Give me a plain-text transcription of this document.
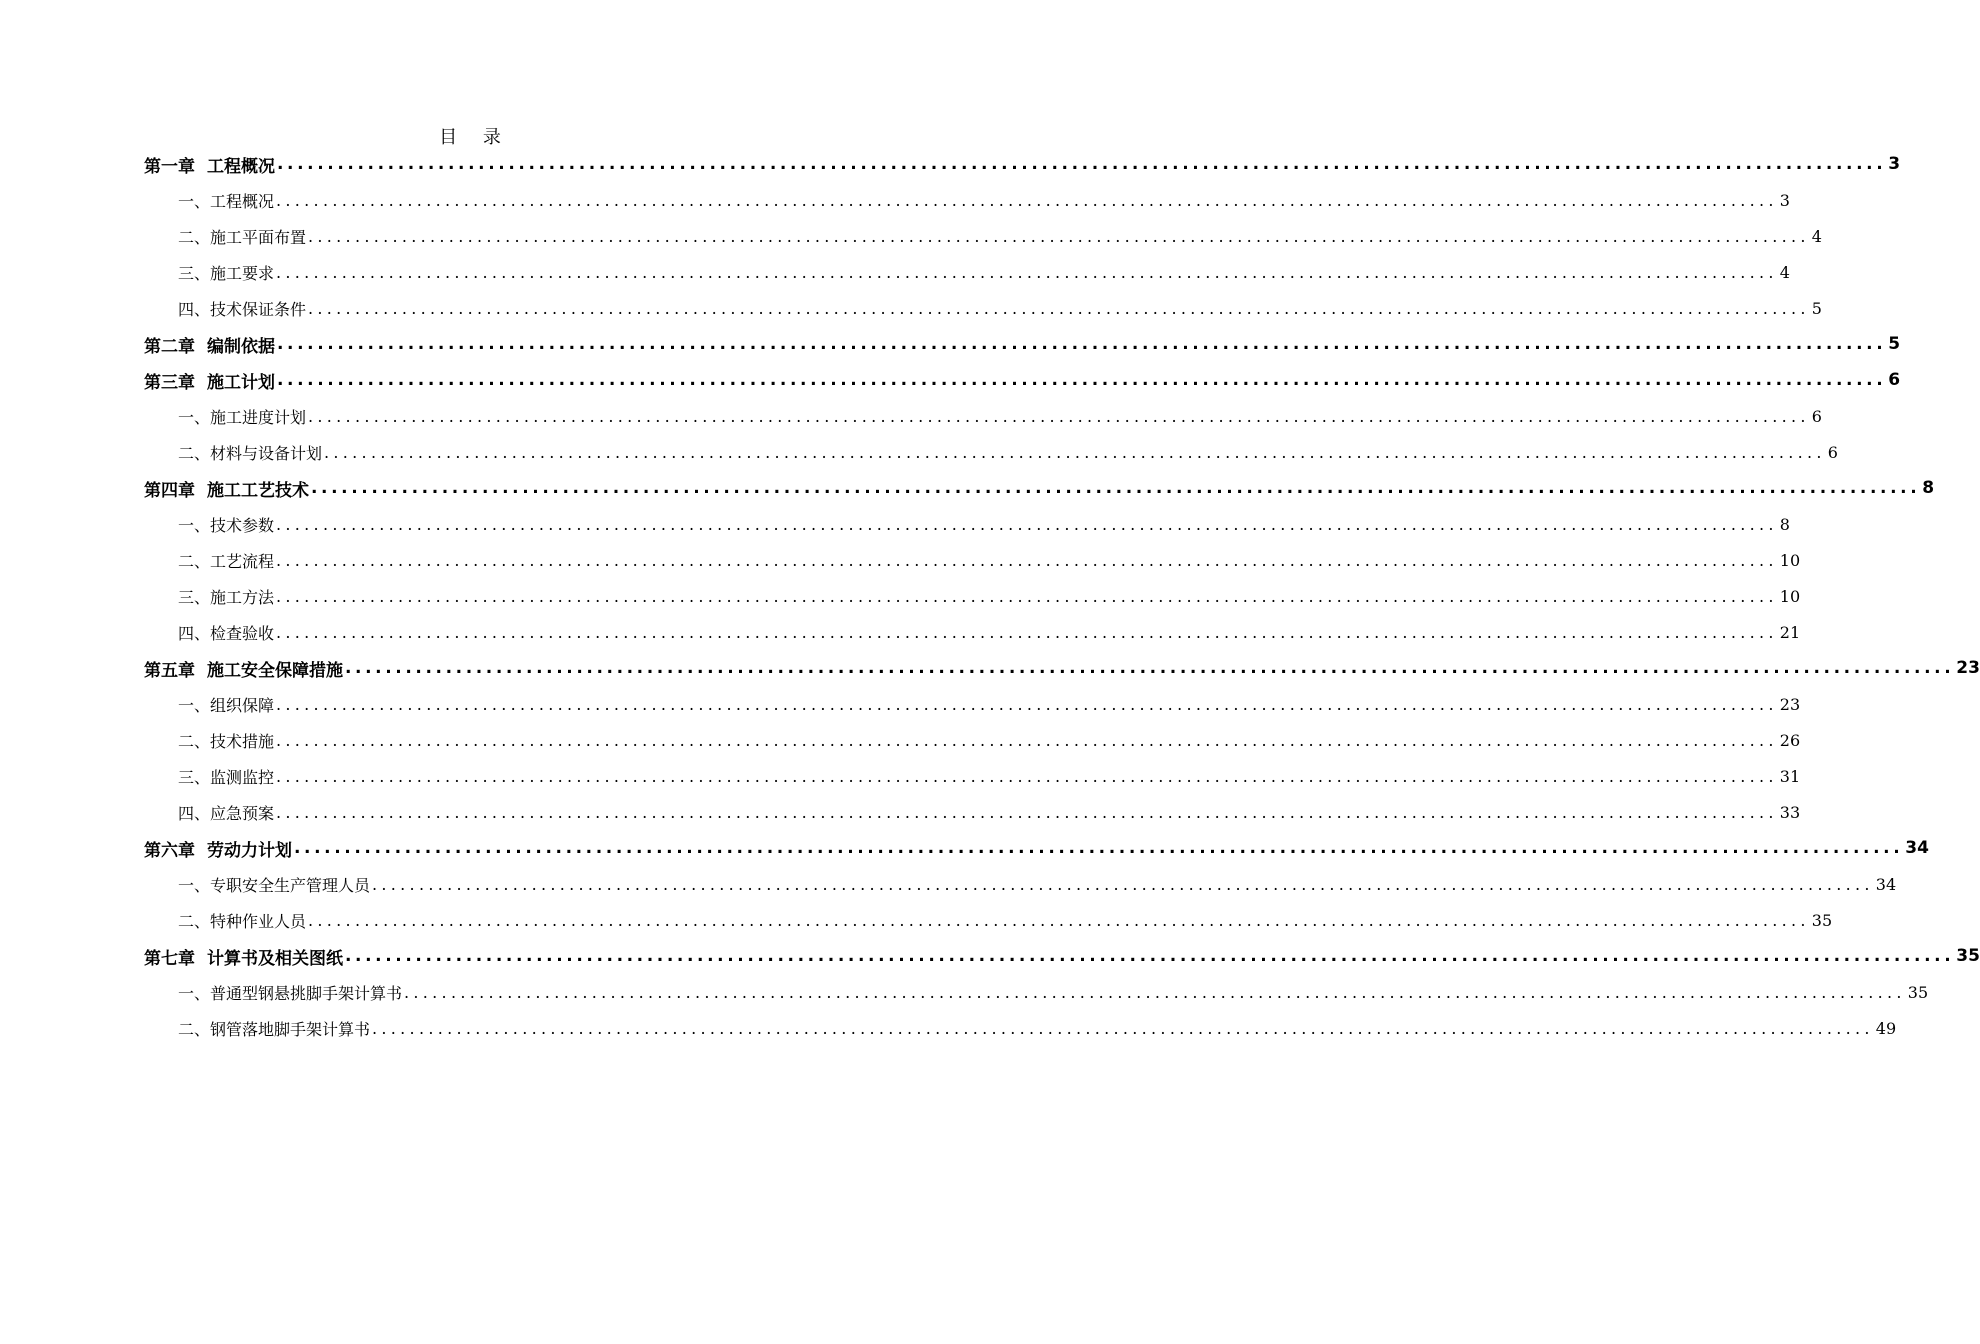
目 录
第一章 工程概况 ................................................................................................................................................................ 3
一、工程概况 ................................................................................................................................................................ 3
二、施工平面布置 ................................................................................................................................................................ 4
三、施工要求 ................................................................................................................................................................ 4
四、技术保证条件 ................................................................................................................................................................ 5
第二章 编制依据 ................................................................................................................................................................ 5
第三章 施工计划 ................................................................................................................................................................ 6
一、施工进度计划 ................................................................................................................................................................ 6
二、材料与设备计划 ................................................................................................................................................................ 6
第四章 施工工艺技术 ................................................................................................................................................................ 8
一、技术参数 ................................................................................................................................................................ 8
二、工艺流程 ................................................................................................................................................................ 10
三、施工方法 ................................................................................................................................................................ 10
四、检查验收 ................................................................................................................................................................ 21
第五章 施工安全保障措施 ................................................................................................................................................................ 23
一、组织保障 ................................................................................................................................................................ 23
二、技术措施 ................................................................................................................................................................ 26
三、监测监控 ................................................................................................................................................................ 31
四、应急预案 ................................................................................................................................................................ 33
第六章 劳动力计划 ................................................................................................................................................................ 34
一、专职安全生产管理人员 ................................................................................................................................................................ 34
二、特种作业人员 ................................................................................................................................................................ 35
第七章 计算书及相关图纸 ................................................................................................................................................................ 35
一、普通型钢悬挑脚手架计算书 ................................................................................................................................................................ 35
二、钢管落地脚手架计算书 ................................................................................................................................................................ 49
